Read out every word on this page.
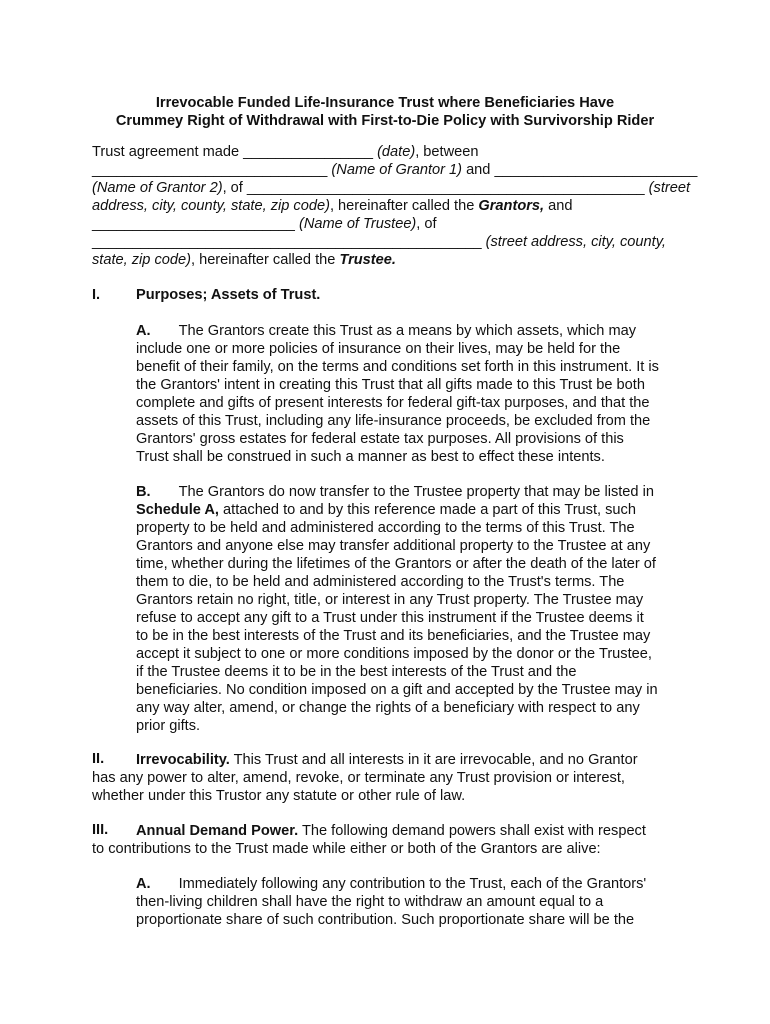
Irrevocable Funded Life-Insurance Trust where Beneficiaries Have
Crummey Right of Withdrawal with First-to-Die Policy with Survivorship Rider
Trust agreement made ________________ (date), between
_____________________________ (Name of Grantor 1) and _________________________
(Name of Grantor 2), of _________________________________________________ (street
address, city, county, state, zip code), hereinafter called the Grantors, and
_________________________ (Name of Trustee), of
________________________________________________ (street address, city, county,
state, zip code), hereinafter called the Trustee.
I. Purposes; Assets of Trust.
A. The Grantors create this Trust as a means by which assets, which may
include one or more policies of insurance on their lives, may be held for the
benefit of their family, on the terms and conditions set forth in this instrument. It is
the Grantors' intent in creating this Trust that all gifts made to this Trust be both
complete and gifts of present interests for federal gift-tax purposes, and that the
assets of this Trust, including any life-insurance proceeds, be excluded from the
Grantors' gross estates for federal estate tax purposes. All provisions of this
Trust shall be construed in such a manner as best to effect these intents.
B. The Grantors do now transfer to the Trustee property that may be listed in
Schedule A, attached to and by this reference made a part of this Trust, such
property to be held and administered according to the terms of this Trust. The
Grantors and anyone else may transfer additional property to the Trustee at any
time, whether during the lifetimes of the Grantors or after the death of the later of
them to die, to be held and administered according to the Trust's terms. The
Grantors retain no right, title, or interest in any Trust property. The Trustee may
refuse to accept any gift to a Trust under this instrument if the Trustee deems it
to be in the best interests of the Trust and its beneficiaries, and the Trustee may
accept it subject to one or more conditions imposed by the donor or the Trustee,
if the Trustee deems it to be in the best interests of the Trust and the
beneficiaries. No condition imposed on a gift and accepted by the Trustee may in
any way alter, amend, or change the rights of a beneficiary with respect to any
prior gifts.
II. Irrevocability. This Trust and all interests in it are irrevocable, and no Grantor
has any power to alter, amend, revoke, or terminate any Trust provision or interest,
whether under this Trustor any statute or other rule of law.
III. Annual Demand Power. The following demand powers shall exist with respect
to contributions to the Trust made while either or both of the Grantors are alive:
A. Immediately following any contribution to the Trust, each of the Grantors'
then-living children shall have the right to withdraw an amount equal to a
proportionate share of such contribution. Such proportionate share will be the
